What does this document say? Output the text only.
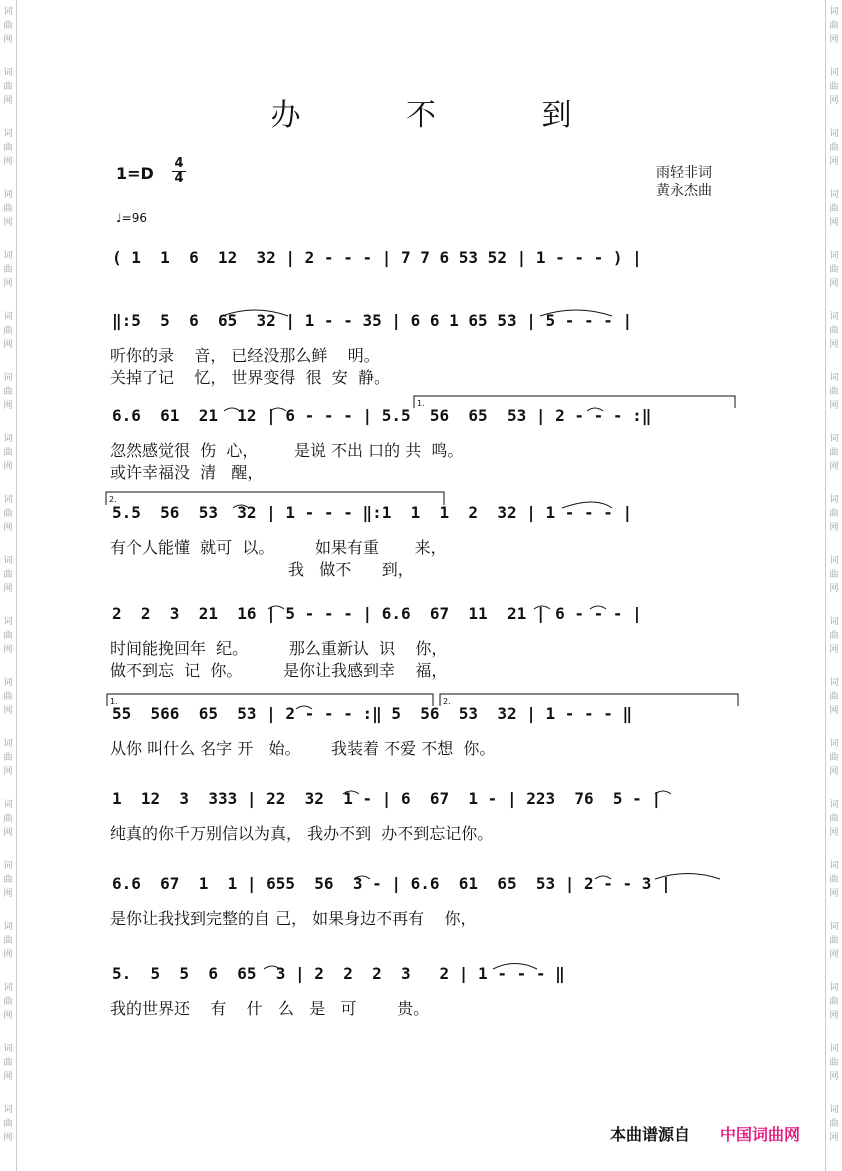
词
曲
网
词
曲
网
词
曲
网
词
曲
网
词
曲
网
词
曲
网
词
曲
网
词
曲
网
词
曲
网
词
曲
网
词
曲
网
词
曲
网
词
曲
网
词
曲
网
词
曲
网
词
曲
网
词
曲
网
词
曲
网
词
曲
网
词
曲
网
词
曲
网
词
曲
网
词
曲
网
词
曲
网
词
曲
网
词
曲
网
词
曲
网
词
曲
网
词
曲
网
词
曲
网
词
曲
网
词
曲
网
词
曲
网
词
曲
网
词
曲
网
词
曲
网
词
曲
网
词
曲
网
办 不 到
1=D
4
4
♩=96
雨轻非词
黄永杰曲
( 1  1  6  12  32 | 2 - - - | 7 7 6 53 52 | 1 - - - ) |
‖:5  5  6  65  32 | 1 - - 35 | 6 6 1 65 53 | 5 - - - |
听你的录    音， 已经没那么鲜    明。
关掉了记    忆， 世界变得  很  安  静。
6.6  61  21  12 | 6 - - - | 5.5  56  65  53 | 2 - - - :‖
忽然感觉很  伤  心，       是说 不出 口的 共  鸣。
或许幸福没  清   醒，
5.5  56  53  32 | 1 - - - ‖:1  1  1  2  32 | 1 - - - |
有个人能懂  就可  以。        如果有重       来，
我   做不      到，
2  2  3  21  16 | 5 - - - | 6.6  67  11  21 | 6 - - - |
时间能挽回年  纪。        那么重新认  识    你，
做不到忘  记  你。        是你让我感到幸    福，
55  566  65  53 | 2 - - - :‖ 5  56  53  32 | 1 - - - ‖
从你 叫什么 名字 开   始。      我装着 不爱 不想  你。
1  12  3  333 | 22  32  1 - | 6  67  1 - | 223  76  5 - |
纯真的你千万别信以为真， 我办不到  办不到忘记你。
6.6  67  1  1 | 655  56  3 - | 6.6  61  65  53 | 2 - - 3 |
是你让我找到完整的自 己， 如果身边不再有    你，
5.  5  5  6  65  3 | 2  2  2  3   2 | 1 - - - ‖
我的世界还    有    什   么   是   可        贵。
1.
2.
1.	2.
本曲谱源自 中国词曲网
